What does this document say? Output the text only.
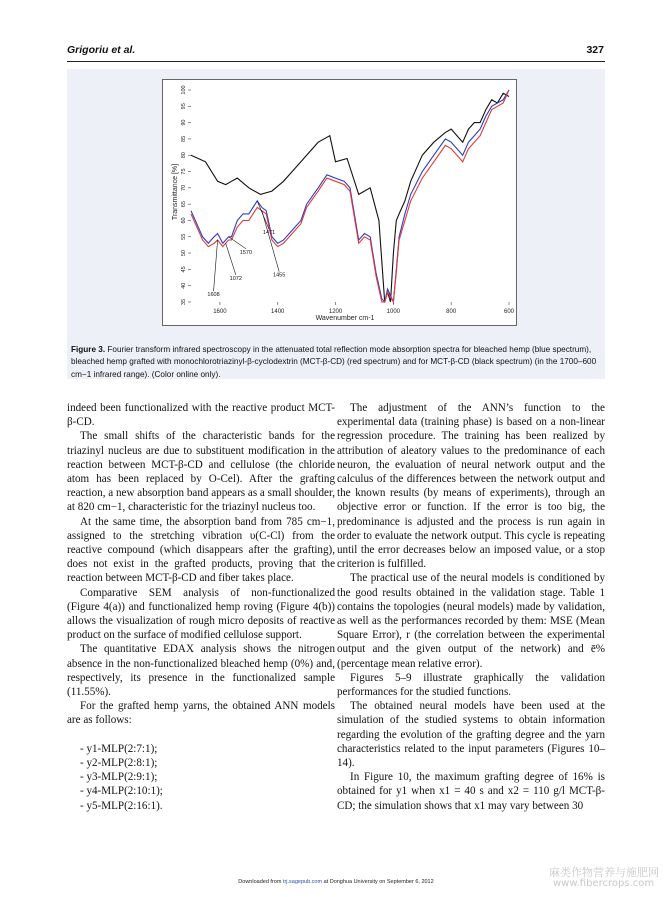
Grigoriu et al.	327
100
95
90
85
80
75
70
65
60
55
50
45
40
35
1600	1400	1200	1000	800	600
1471
1570
1072
1455
1608
Transmittance [%]
Wavenumber cm-1
Figure 3. Fourier transform infrared spectroscopy in the attenuated total reflection mode absorption spectra for bleached hemp (blue spectrum), bleached hemp grafted with monochlorotriazinyl-β-cyclodextrin (MCT-β-CD) (red spectrum) and for MCT-β-CD (black spectrum) (in the 1700–600 cm−1 infrared range). (Color online only).

indeed been functionalized with the reactive product MCT-β-CD.

The small shifts of the characteristic bands for the triazinyl nucleus are due to substituent modification in the reaction between MCT-β-CD and cellulose (the chloride atom has been replaced by O-Cel). After the grafting reaction, a new absorption band appears as a small shoulder, at 820 cm−1, characteristic for the triazinyl nucleus too.

At the same time, the absorption band from 785 cm−1, assigned to the stretching vibration υ(C-Cl) from the reactive compound (which disappears after the grafting), does not exist in the grafted products, proving that the reaction between MCT-β-CD and fiber takes place.

Comparative SEM analysis of non-functionalized (Figure 4(a)) and functionalized hemp roving (Figure 4(b)) allows the visualization of rough micro deposits of reactive product on the surface of modified cellulose support.

The quantitative EDAX analysis shows the nitrogen absence in the non-functionalized bleached hemp (0%) and, respectively, its presence in the functionalized sample (11.55%).

For the grafted hemp yarns, the obtained ANN models are as follows:

- y1-MLP(2:7:1);
- y2-MLP(2:8:1);
- y3-MLP(2:9:1);
- y4-MLP(2:10:1);
- y5-MLP(2:16:1).

The adjustment of the ANN’s function to the experimental data (training phase) is based on a non-linear regression procedure. The training has been realized by attribution of aleatory values to the predominance of each neuron, the evaluation of neural network output and the calculus of the differences between the network output and the known results (by means of experiments), through an objective error or function. If the error is too big, the predominance is adjusted and the process is run again in order to evaluate the network output. This cycle is repeating until the error decreases below an imposed value, or a stop criterion is fulfilled.

The practical use of the neural models is conditioned by the good results obtained in the validation stage. Table 1 contains the topologies (neural models) made by validation, as well as the performances recorded by them: MSE (Mean Square Error), r (the correlation between the experimental output and the given output of the network) and ē% (percentage mean relative error).

Figures 5–9 illustrate graphically the validation performances for the studied functions.

The obtained neural models have been used at the simulation of the studied systems to obtain information regarding the evolution of the grafting degree and the yarn characteristics related to the input parameters (Figures 10–14).

In Figure 10, the maximum grafting degree of 16% is obtained for y1 when x1 = 40 s and x2 = 110 g/l MCT-β-CD; the simulation shows that x1 may vary between 30

Downloaded from trj.sagepub.com at Donghua University on September 6, 2012
麻类作物营养与施肥网
www.fibercrops.com
